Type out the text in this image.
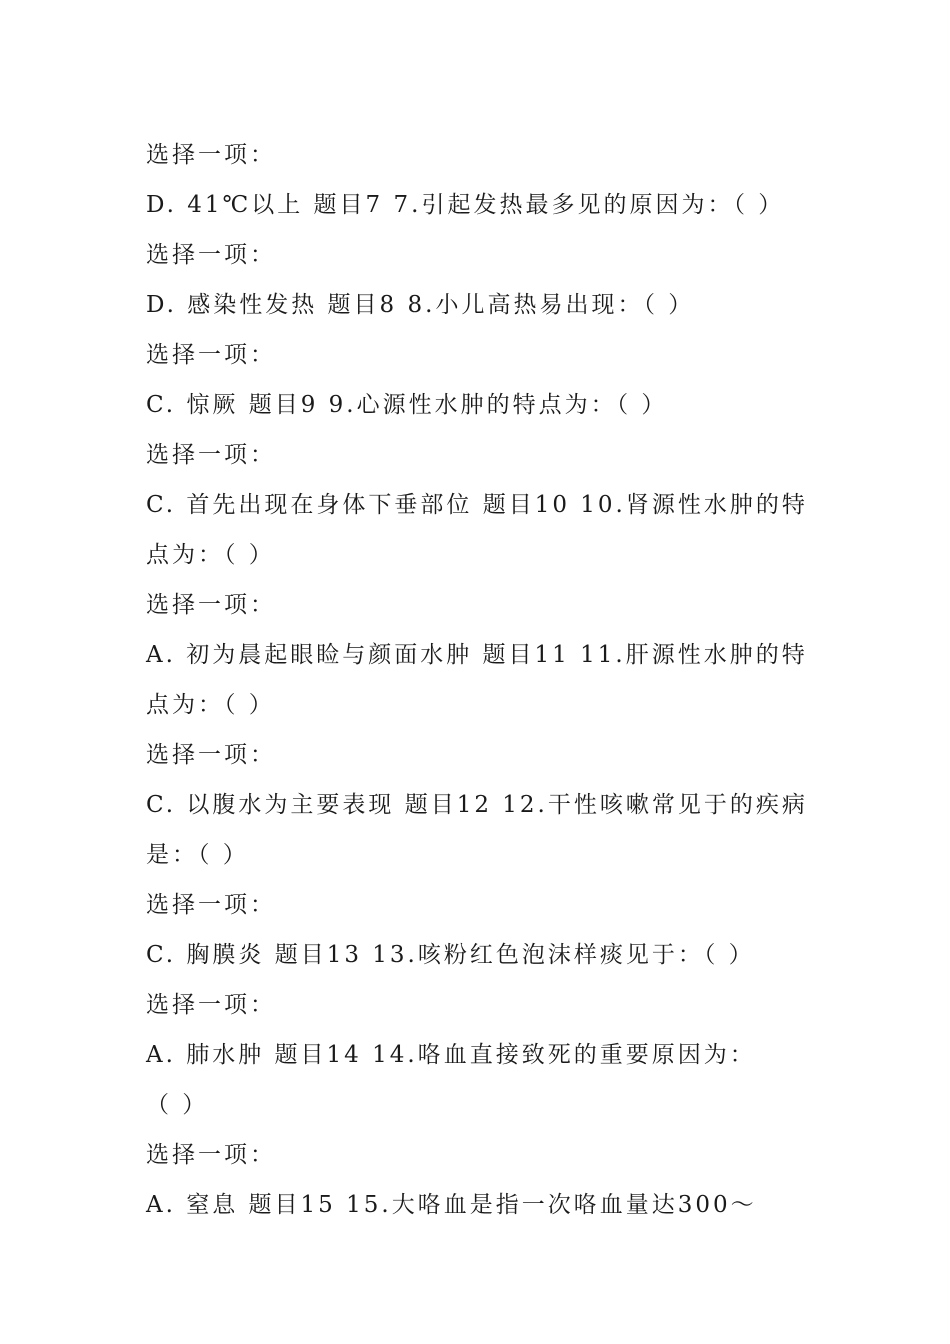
选择一项：
D. 41℃以上 题目7 7.引起发热最多见的原因为：（ ）
选择一项：
D. 感染性发热 题目8 8.小儿高热易出现：（ ）
选择一项：
C. 惊厥 题目9 9.心源性水肿的特点为：（ ）
选择一项：
C. 首先出现在身体下垂部位 题目10 10.肾源性水肿的特
点为：（ ）
选择一项：
A. 初为晨起眼睑与颜面水肿 题目11 11.肝源性水肿的特
点为：（ ）
选择一项：
C. 以腹水为主要表现 题目12 12.干性咳嗽常见于的疾病
是：（ ）
选择一项：
C. 胸膜炎 题目13 13.咳粉红色泡沫样痰见于：（ ）
选择一项：
A. 肺水肿 题目14 14.咯血直接致死的重要原因为：
（ ）
选择一项：
A. 窒息 题目15 15.大咯血是指一次咯血量达300～
